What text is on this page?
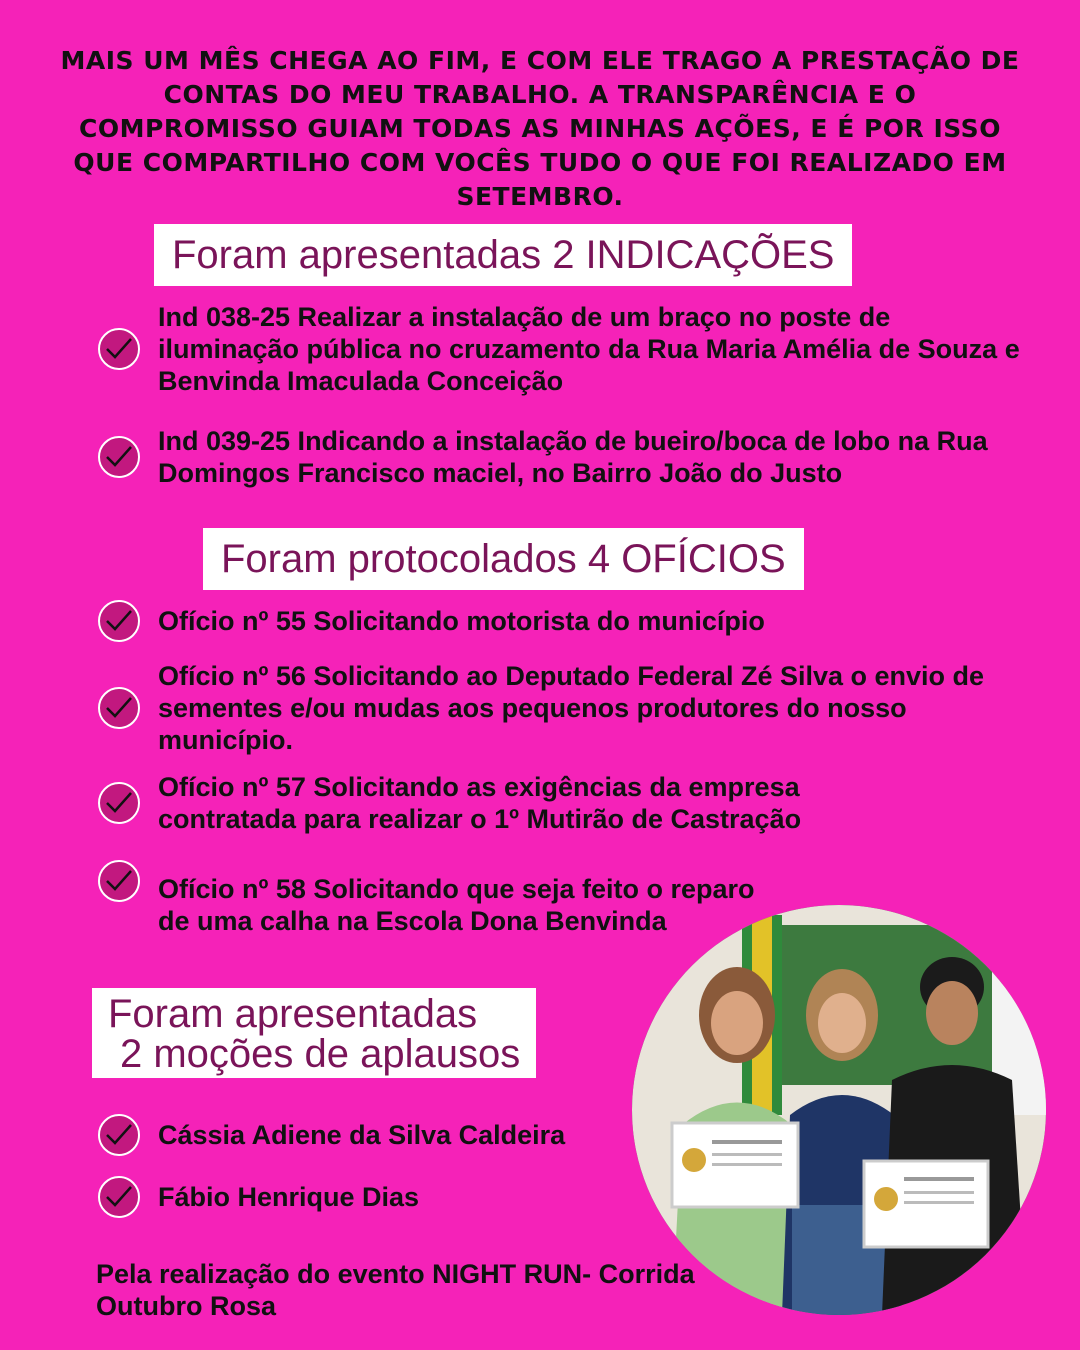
MAIS UM MÊS CHEGA AO FIM, E COM ELE TRAGO A PRESTAÇÃO DE CONTAS DO MEU TRABALHO. A TRANSPARÊNCIA E O COMPROMISSO GUIAM TODAS AS MINHAS AÇÕES, E É POR ISSO QUE COMPARTILHO COM VOCÊS TUDO O QUE FOI REALIZADO EM SETEMBRO.
Foram apresentadas 2 INDICAÇÕES
Ind 038-25 Realizar a instalação de um braço no poste de iluminação pública no cruzamento da Rua Maria Amélia de Souza e Benvinda Imaculada Conceição
Ind 039-25 Indicando a instalação de bueiro/boca de lobo na Rua Domingos Francisco maciel, no Bairro João do Justo
Foram protocolados 4 OFÍCIOS
Ofício nº 55 Solicitando motorista do município
Ofício nº 56 Solicitando ao Deputado Federal Zé Silva o envio de sementes e/ou mudas aos pequenos produtores do nosso município.
Ofício nº 57 Solicitando as exigências da empresa contratada para realizar o 1º Mutirão de Castração
Ofício nº 58 Solicitando que seja feito o reparo de uma calha na Escola Dona Benvinda
Foram apresentadas
2 moções de aplausos
Cássia Adiene da Silva Caldeira
Fábio Henrique Dias
Pela realização do evento NIGHT RUN- Corrida Outubro Rosa
